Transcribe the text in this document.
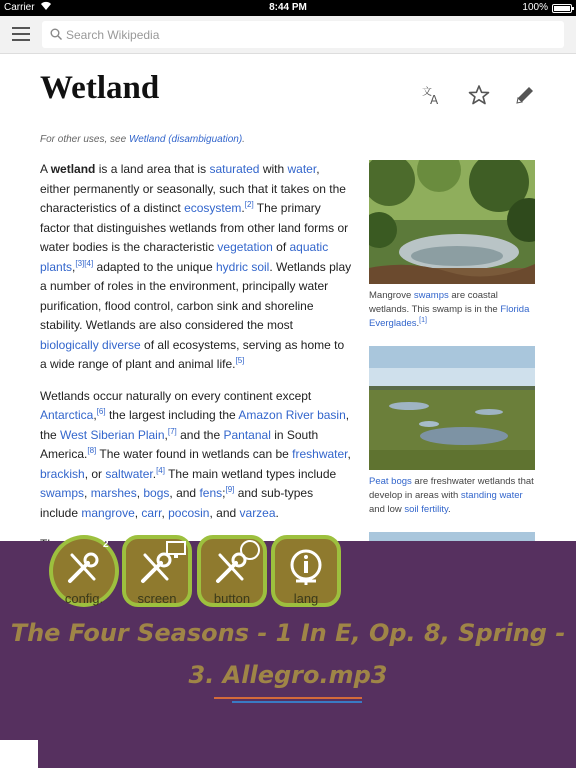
Carrier	8:44 PM	100%
Search Wikipedia
Wetland	文
A
For other uses, see Wetland (disambiguation).

A wetland is a land area that is saturated with water, either permanently or seasonally, such that it takes on the characteristics of a distinct ecosystem.[2] The primary factor that distinguishes wetlands from other land forms or water bodies is the characteristic vegetation of aquatic plants,[3][4] adapted to the unique hydric soil. Wetlands play a number of roles in the environment, principally water purification, flood control, carbon sink and shoreline stability. Wetlands are also considered the most biologically diverse of all ecosystems, serving as home to a wide range of plant and animal life.[5]

Wetlands occur naturally on every continent except Antarctica,[6] the largest including the Amazon River basin, the West Siberian Plain,[7] and the Pantanal in South America.[8] The water found in wetlands can be freshwater, brackish, or saltwater.[4] The main wetland types include swamps, marshes, bogs, and fens;[9] and sub-types include mangrove, carr, pocosin, and varzea.

Mangrove swamps are coastal wetlands. This swamp is in the Florida Everglades.[1]
Peat bogs are freshwater wetlands that develop in areas with standing water and low soil fertility.
2
config.	screen	button	lang
The Four Seasons - 1 In E, Op. 8, Spring - 3. Allegro.mp3
